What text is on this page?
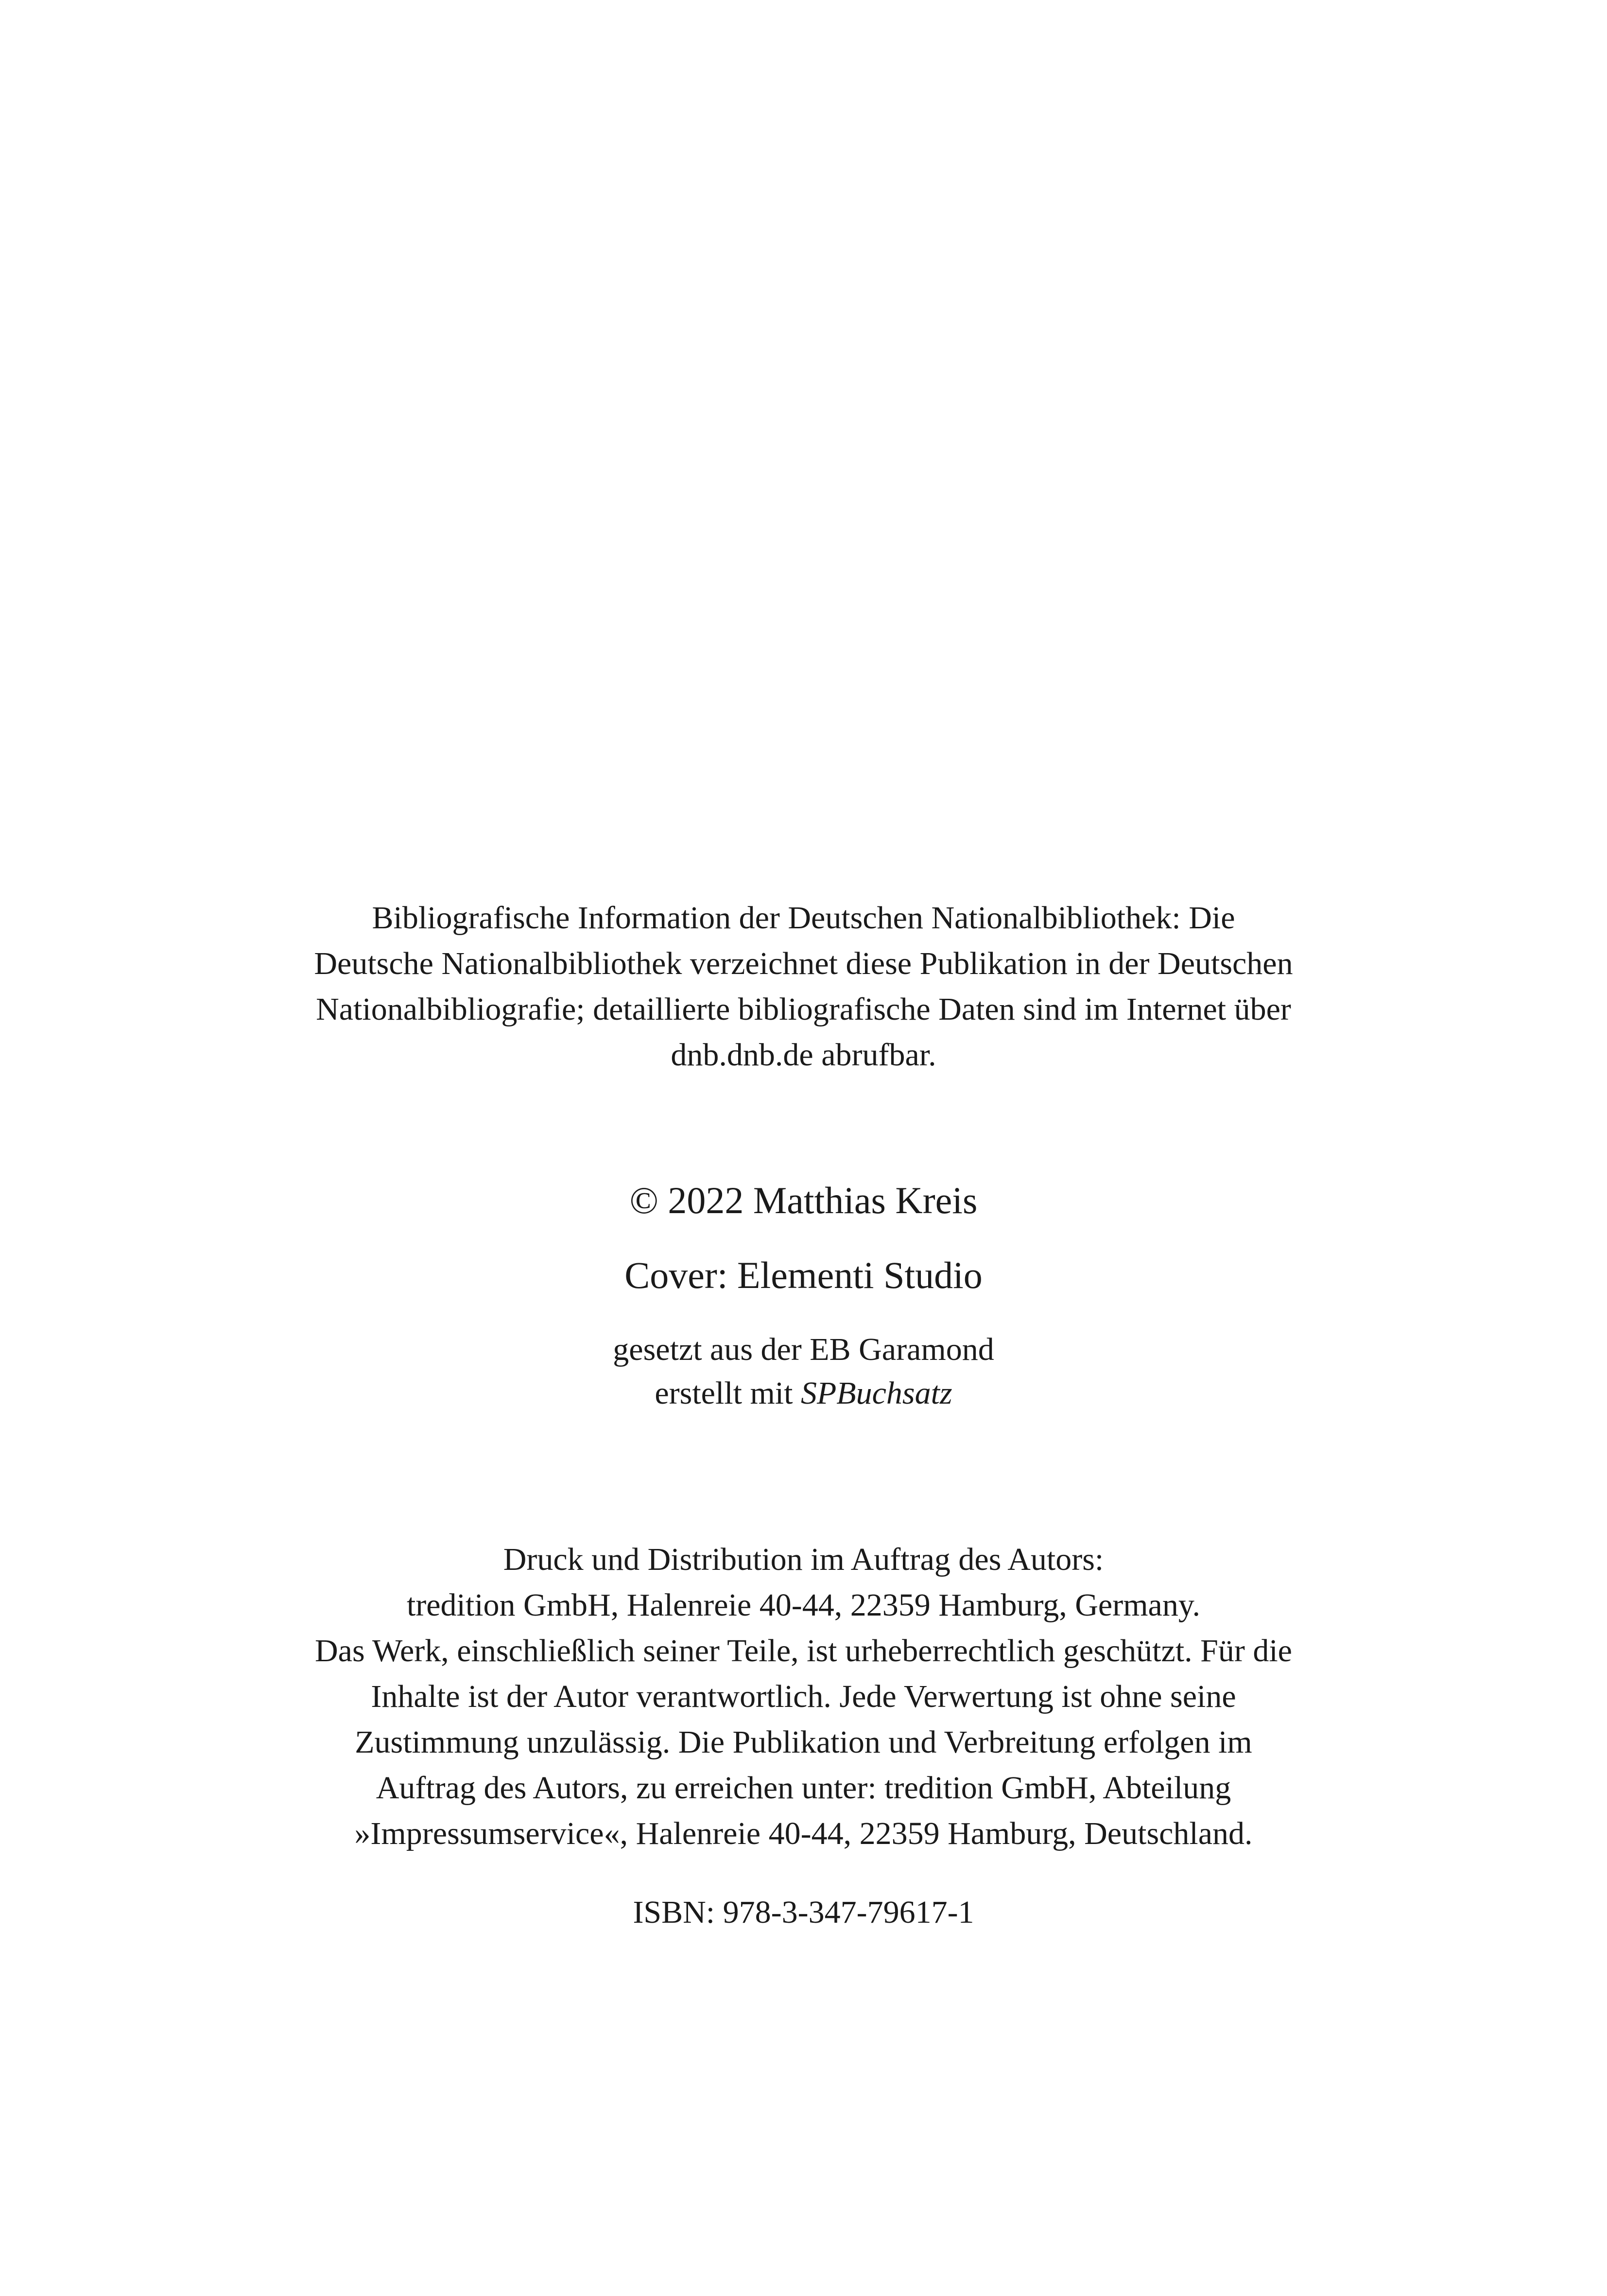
Bibliografische Information der Deutschen Nationalbibliothek: Die
Deutsche Nationalbibliothek verzeichnet diese Publikation in der Deutschen
Nationalbibliografie; detaillierte bibliografische Daten sind im Internet über
dnb.dnb.de abrufbar.
© 2022 Matthias Kreis
Cover: Elementi Studio
gesetzt aus der EB Garamond
erstellt mit SPBuchsatz
Druck und Distribution im Auftrag des Autors:
tredition GmbH, Halenreie 40-44, 22359 Hamburg, Germany.
Das Werk, einschließlich seiner Teile, ist urheberrechtlich geschützt. Für die
Inhalte ist der Autor verantwortlich. Jede Verwertung ist ohne seine
Zustimmung unzulässig. Die Publikation und Verbreitung erfolgen im
Auftrag des Autors, zu erreichen unter: tredition GmbH, Abteilung
»Impressumservice«, Halenreie 40-44, 22359 Hamburg, Deutschland.
ISBN: 978-3-347-79617-1
